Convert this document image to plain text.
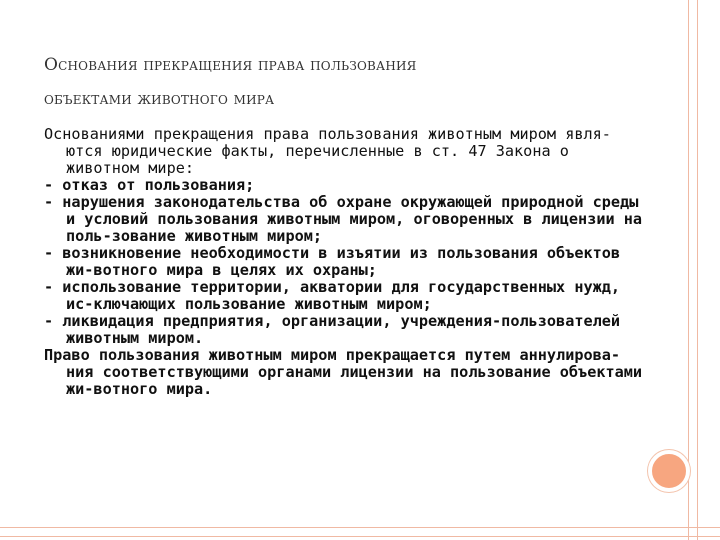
Основания прекращения права пользования
объектами животного мира

Основаниями прекращения права пользования животным миром явля-ются юридические факты, перечисленные в ст. 47 Закона о животном мире:

- отказ от пользования;

- нарушения законодательства об охране окружающей природной среды и условий пользования животным миром, оговоренных в лицензии на поль-зование животным миром;

- возникновение необходимости в изъятии из пользования объектов жи-вотного мира в целях их охраны;

- использование территории, акватории для государственных нужд, ис-ключающих пользование животным миром;

- ликвидация предприятия, организации, учреждения-пользователей животным миром.

Право пользования животным миром прекращается путем аннулирова-ния соответствующими органами лицензии на пользование объектами жи-вотного мира.
